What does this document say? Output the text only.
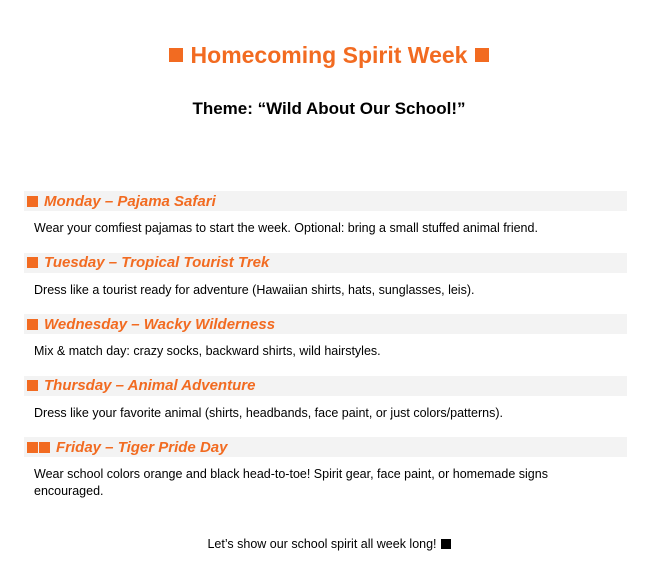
Homecoming Spirit Week
Theme: “Wild About Our School!”
Monday – Pajama Safari
Wear your comfiest pajamas to start the week. Optional: bring a small stuffed animal friend.
Tuesday – Tropical Tourist Trek
Dress like a tourist ready for adventure (Hawaiian shirts, hats, sunglasses, leis).
Wednesday – Wacky Wilderness
Mix & match day: crazy socks, backward shirts, wild hairstyles.
Thursday – Animal Adventure
Dress like your favorite animal (shirts, headbands, face paint, or just colors/patterns).
Friday – Tiger Pride Day
Wear school colors orange and black head-to-toe! Spirit gear, face paint, or homemade signs encouraged.
Let’s show our school spirit all week long!
